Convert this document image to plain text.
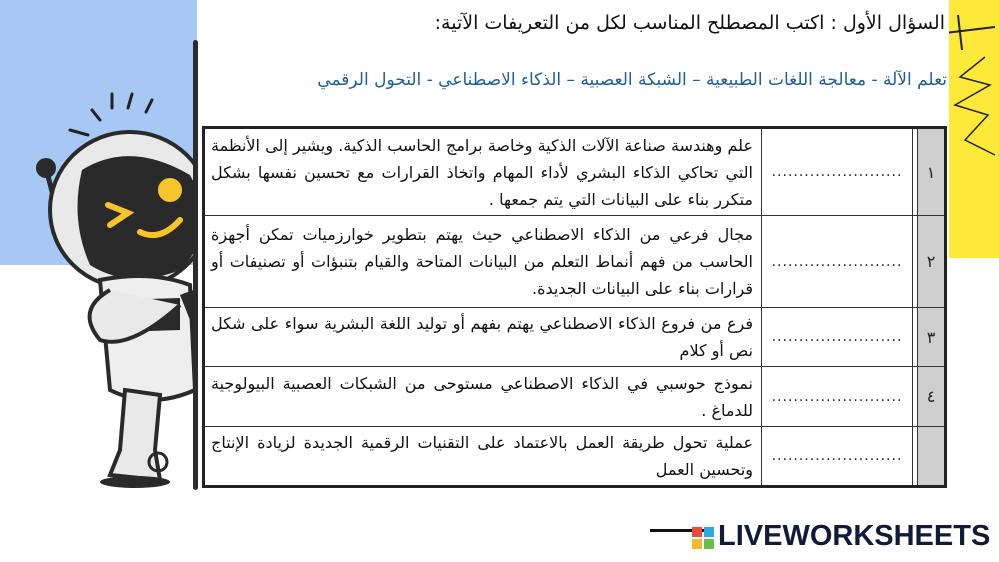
السؤال الأول : اكتب المصطلح المناسب لكل من التعريفات الآتية:
تعلم الآلة - معالجة اللغات الطبيعية – الشبكة العصبية – الذكاء الاصطناعي - التحول الرقمي
١		........................	علم وهندسة صناعة الآلات الذكية وخاصة برامج الحاسب الذكية. ويشير إلى الأنظمة التي تحاكي الذكاء البشري لأداء المهام واتخاذ القرارات مع تحسين نفسها بشكل متكرر بناء على البيانات التي يتم جمعها .
٢		........................	مجال فرعي من الذكاء الاصطناعي حيث يهتم بتطوير خوارزميات تمكن أجهزة الحاسب من فهم أنماط التعلم من البيانات المتاحة والقيام بتنبؤات أو تصنيفات أو قرارات بناء على البيانات الجديدة.
٣		........................	فرع من فروع الذكاء الاصطناعي يهتم بفهم أو توليد اللغة البشرية سواء على شكل نص أو كلام
٤		........................	نموذج حوسبي في الذكاء الاصطناعي مستوحى من الشبكات العصبية البيولوجية للدماغ .
		........................	عملية تحول طريقة العمل بالاعتماد على التقنيات الرقمية الجديدة لزيادة الإنتاج وتحسين العمل
LIVEWORKSHEETS
